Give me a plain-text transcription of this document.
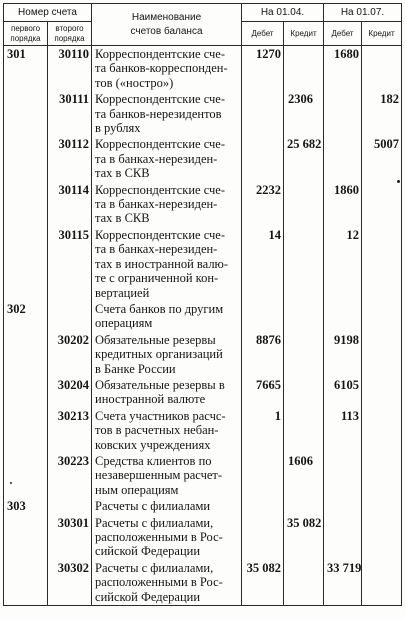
Номер счета		Наименование
счетов баланса	На 01.04.		На 01.07.	
первого порядка	второго порядка		Дебет	Кредит	Дебет	Кредит
301	30110	Корреспондентские сче-
та банков-корреспонден-
тов («ностро»)	1270		1680	
	30111	Корреспондентские сче-
та банков-нерезидентов
в рублях		2306		182
	30112	Корреспондентские сче-
та в банках-нерезиден-
тах в СКВ		25 682		5007
	30114	Корреспондентские сче-
та в банках-нерезиден-
тах в СКВ	2232		1860	
	30115	Корреспондентские сче-
та в банках-нерезиден-
тах в иностранной валю-
те с ограниченной кон-
вертацией	14		12	
302		Счета банков по другим
операциям				

	30202	Обязательные резервы
кредитных организаций
в Банке России	8876		9198	
	30204	Обязательные резервы в
иностранной валюте	7665		6105	
	30213	Счета участников расчс-
тов в расчетных небан-
ковских учреждениях	1		113	
	30223	Средства клиентов по
незавершенным расчет-
ным операциям		1606		
303		Расчеты с филиалами				

	30301	Расчеты с филиалами,
расположенными в Рос-
сийской Федерации		35 082		
	30302	Расчеты с филиалами,
расположенными в Рос-
сийской Федерации	35 082		33 719	
